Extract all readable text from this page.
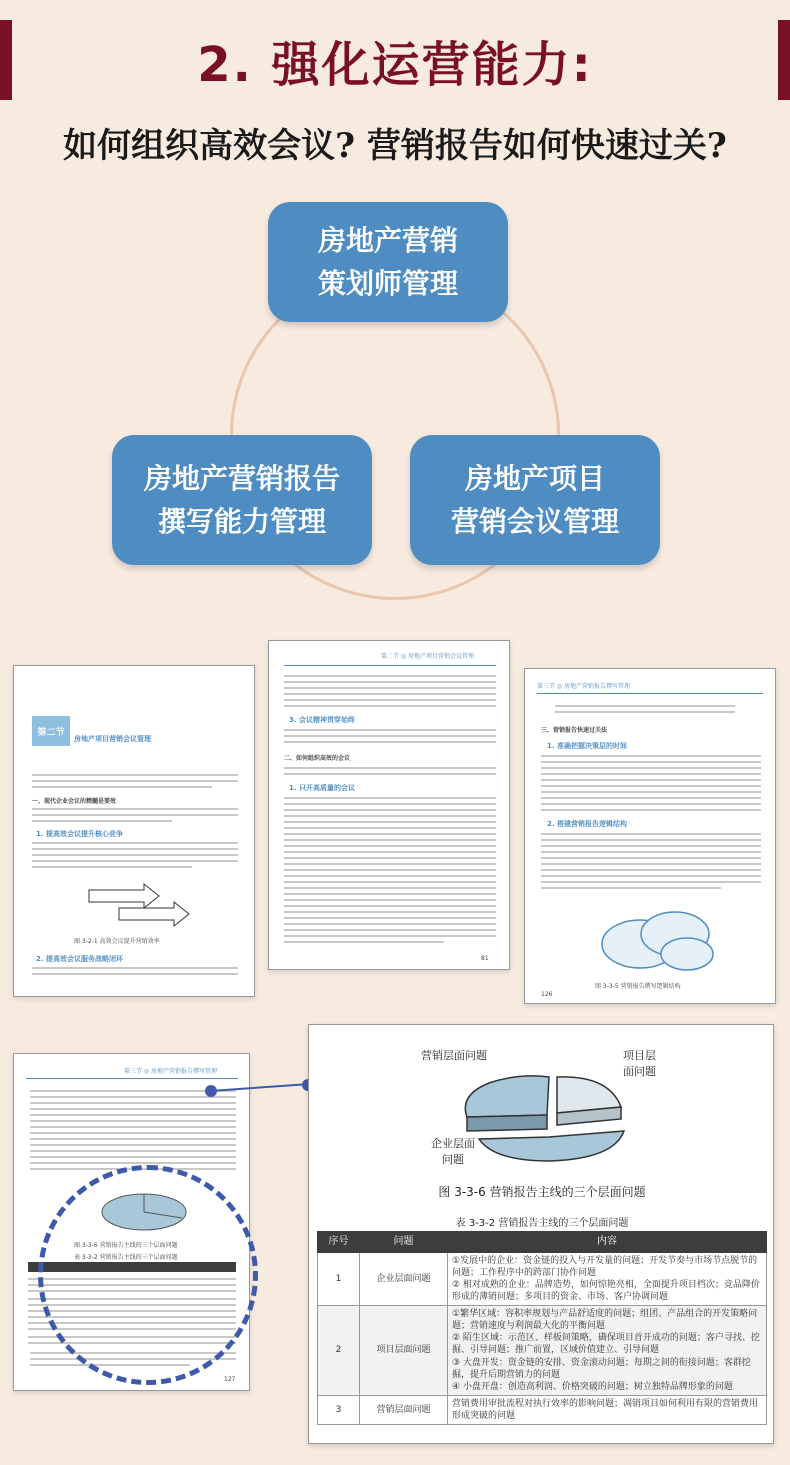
2. 强化运营能力:
如何组织高效会议? 营销报告如何快速过关?
房地产营销
策划师管理
房地产营销报告
撰写能力管理
房地产项目
营销会议管理
第二节
房地产项目营销会议管理
一、现代企业会议的精髓是要效
1. 提高效会议提升核心竞争
图 3-2-1 高效会议提升营销效率
2. 提高效会议服务战略闭环
第二节 ◎ 房地产项目营销会议管理
3. 会议精神贯穿始终
二、如何组织高效的会议
1. 只开高质量的会议
81
第三节 ◎ 房地产营销报告撰写管理
三、营销报告快速过关法
1. 准确把握决策层的时间
2. 搭建营销报告逻辑结构
图 3-3-5 营销报告撰写逻辑结构
126
第三节 ◎ 房地产营销报告撰写管理
图 3-3-6 营销报告主线的三个层面问题
表 3-3-2 营销报告主线的三个层面问题
127
营销层面问题	项目层
面问题
企业层面
问题
图 3-3-6 营销报告主线的三个层面问题
表 3-3-2 营销报告主线的三个层面问题
序号	问题	内容
1	企业层面问题	①发展中的企业：资金链的投入与开发量的问题；开发节奏与市场节点脱节的问题；工作程序中的跨部门协作问题
② 相对成熟的企业：品牌造势，如何惊艳亮相，全面提升项目档次；竞品降价形成的薄销问题；多项目的资金、市场、客户协调问题
2	项目层面问题	①繁华区域：容积率规划与产品舒适度的问题；组团、产品组合的开发策略问题；营销速度与利润最大化的平衡问题
② 陌生区域：示范区、样板间策略，确保项目首开成功的问题；客户寻找、挖掘、引导问题；推广前置，区域价值建立、引导问题
③ 大盘开发：资金链的安排、资金滚动问题；每期之间的衔接问题；客群挖掘，提升后期营销力的问题
④ 小盘开盘：创造高利润、价格突破的问题；树立独特品牌形象的问题
3	营销层面问题	营销费用审批流程对执行效率的影响问题；凋销项目如何利用有限的营销费用形成突破的问题
